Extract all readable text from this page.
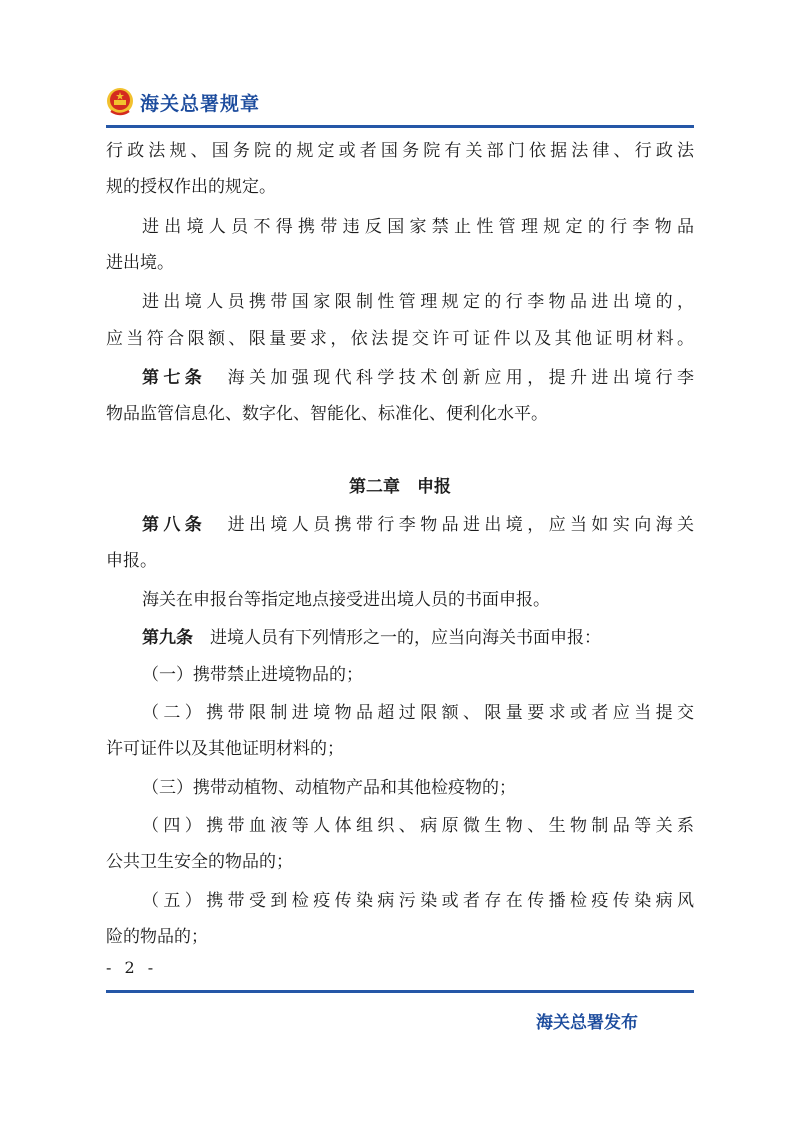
海关总署规章
行政法规、国务院的规定或者国务院有关部门依据法律、行政法
规的授权作出的规定。
进出境人员不得携带违反国家禁止性管理规定的行李物品
进出境。
进出境人员携带国家限制性管理规定的行李物品进出境的，
应当符合限额、限量要求，依法提交许可证件以及其他证明材料。
第七条　 海关加强现代科学技术创新应用，提升进出境行李
物品监管信息化、数字化、智能化、标准化、便利化水平。
第二章　申报
第八条　 进出境人员携带行李物品进出境，应当如实向海关
申报。
海关在申报台等指定地点接受进出境人员的书面申报。
第九条　 进境人员有下列情形之一的，应当向海关书面申报：
（一）携带禁止进境物品的；
（二）携带限制进境物品超过限额、限量要求或者应当提交
许可证件以及其他证明材料的；
（三）携带动植物、动植物产品和其他检疫物的；
（四）携带血液等人体组织、病原微生物、生物制品等关系
公共卫生安全的物品的；
（五）携带受到检疫传染病污染或者存在传播检疫传染病风
险的物品的；
- 2 -
海关总署发布
